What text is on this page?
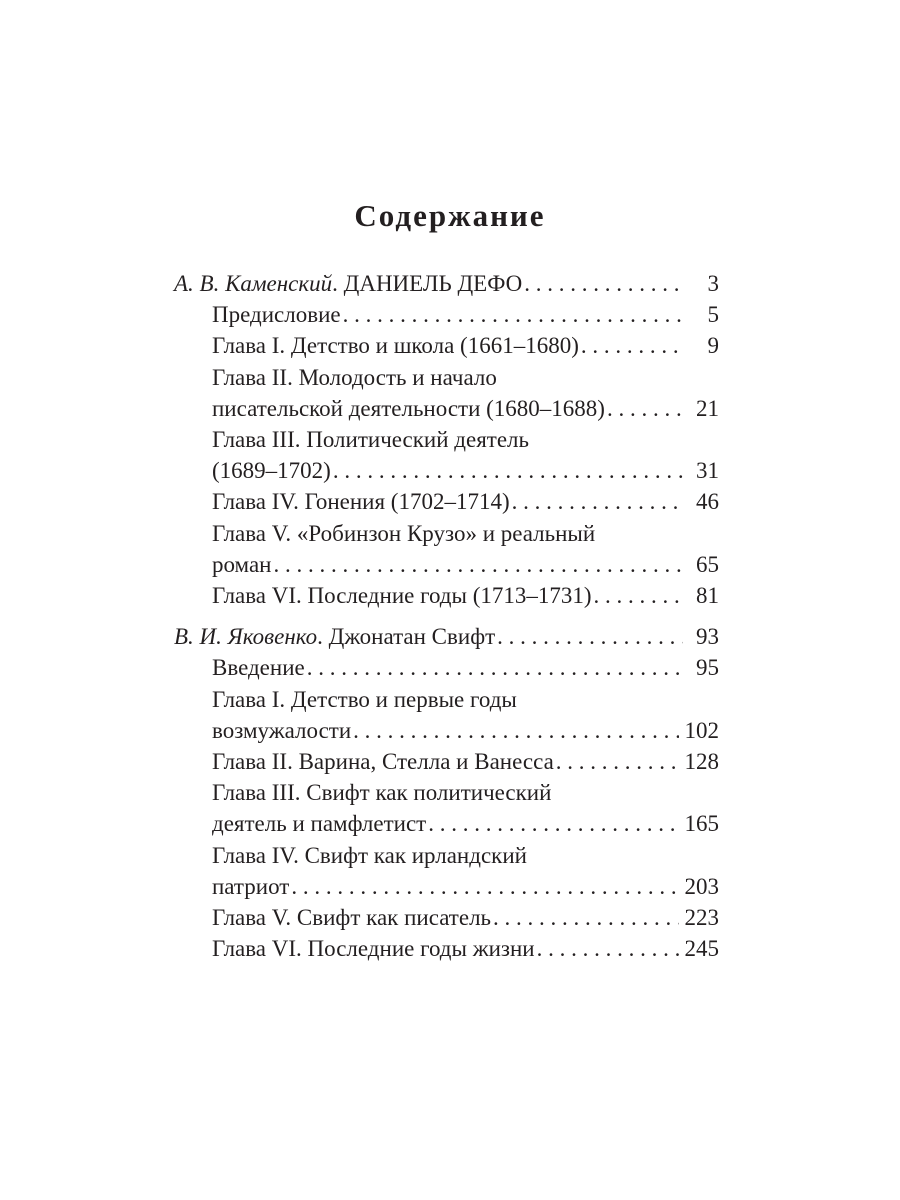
Содержание
А. В. Каменский. ДАНИЕЛЬ ДЕФО . . .	3
Предисловие . . .	5
Глава I. Детство и школа (1661–1680) . . .	9
Глава II. Молодость и начало
писательской деятельности (1680–1688) . . .	21
Глава III. Политический деятель
(1689–1702) . . .	31
Глава IV. Гонения (1702–1714) . . .	46
Глава V. «Робинзон Крузо» и реальный
роман . . .	65
Глава VI. Последние годы (1713–1731) . . .	81
В. И. Яковенко. Джонатан Свифт . . .	93
Введение . . .	95
Глава I. Детство и первые годы
возмужалости . . .	102
Глава II. Варина, Стелла и Ванесса . . .	128
Глава III. Свифт как политический
деятель и памфлетист . . .	165
Глава IV. Свифт как ирландский
патриот . . .	203
Глава V. Свифт как писатель . . .	223
Глава VI. Последние годы жизни . . .	245
